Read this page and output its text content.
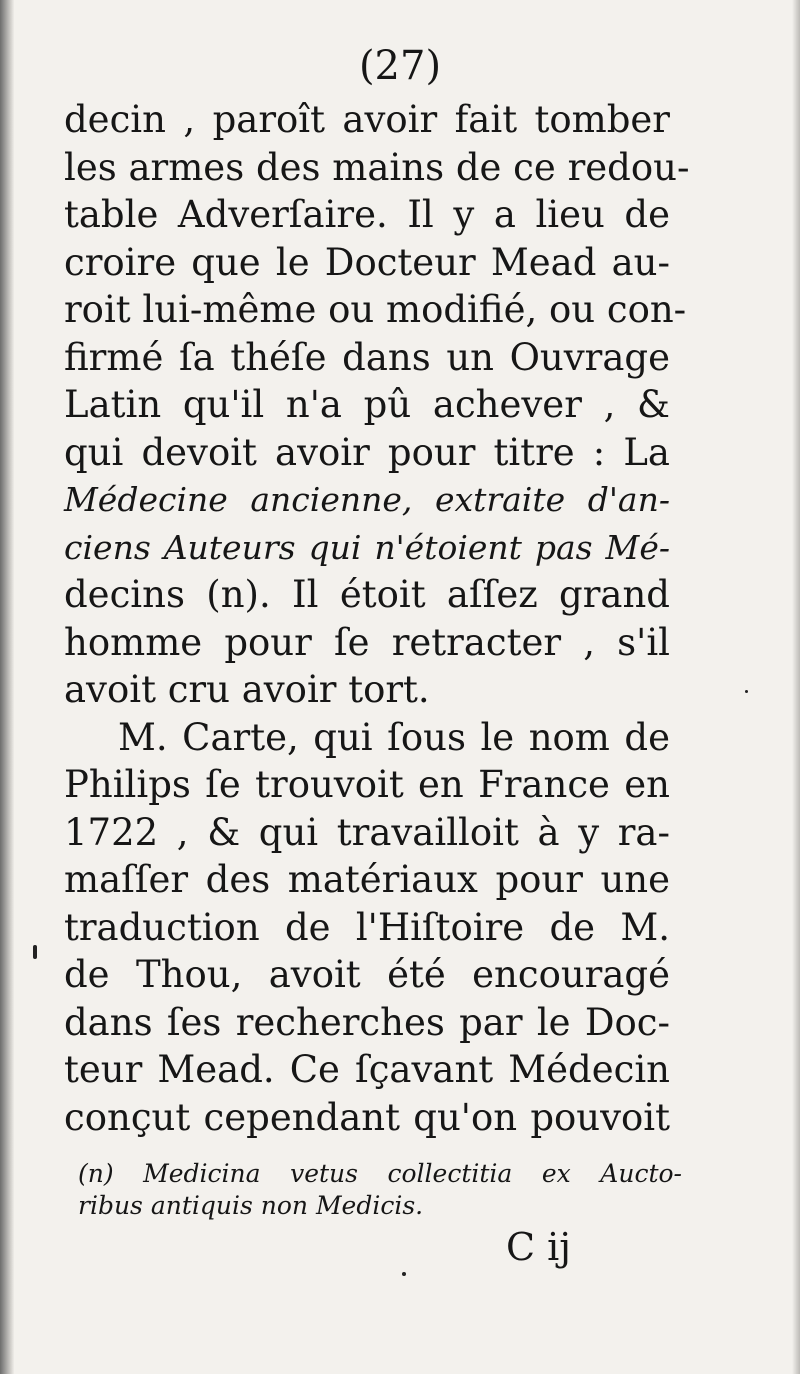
(27)
decin , paroît avoir fait tomber
les armes des mains de ce redou-
table Adverſaire. Il y a lieu de
croire que le Docteur Mead au-
roit lui-même ou modifié, ou con-
firmé ſa théſe dans un Ouvrage
Latin qu'il n'a pû achever , &
qui devoit avoir pour titre : La
Médecine ancienne, extraite d'an-
ciens Auteurs qui n'étoient pas Mé-
decins (n). Il étoit aſſez grand
homme pour ſe retracter , s'il
avoit cru avoir tort.
M. Carte, qui ſous le nom de
Philips ſe trouvoit en France en
1722 , & qui travailloit à y ra-
maſſer des matériaux pour une
traduction de l'Hiſtoire de M.
de Thou, avoit été encouragé
dans ſes recherches par le Doc-
teur Mead. Ce ſçavant Médecin
conçut cependant qu'on pouvoit
(n) Medicina vetus collectitia ex Aucto-
ribus antiquis non Medicis.
C ij
